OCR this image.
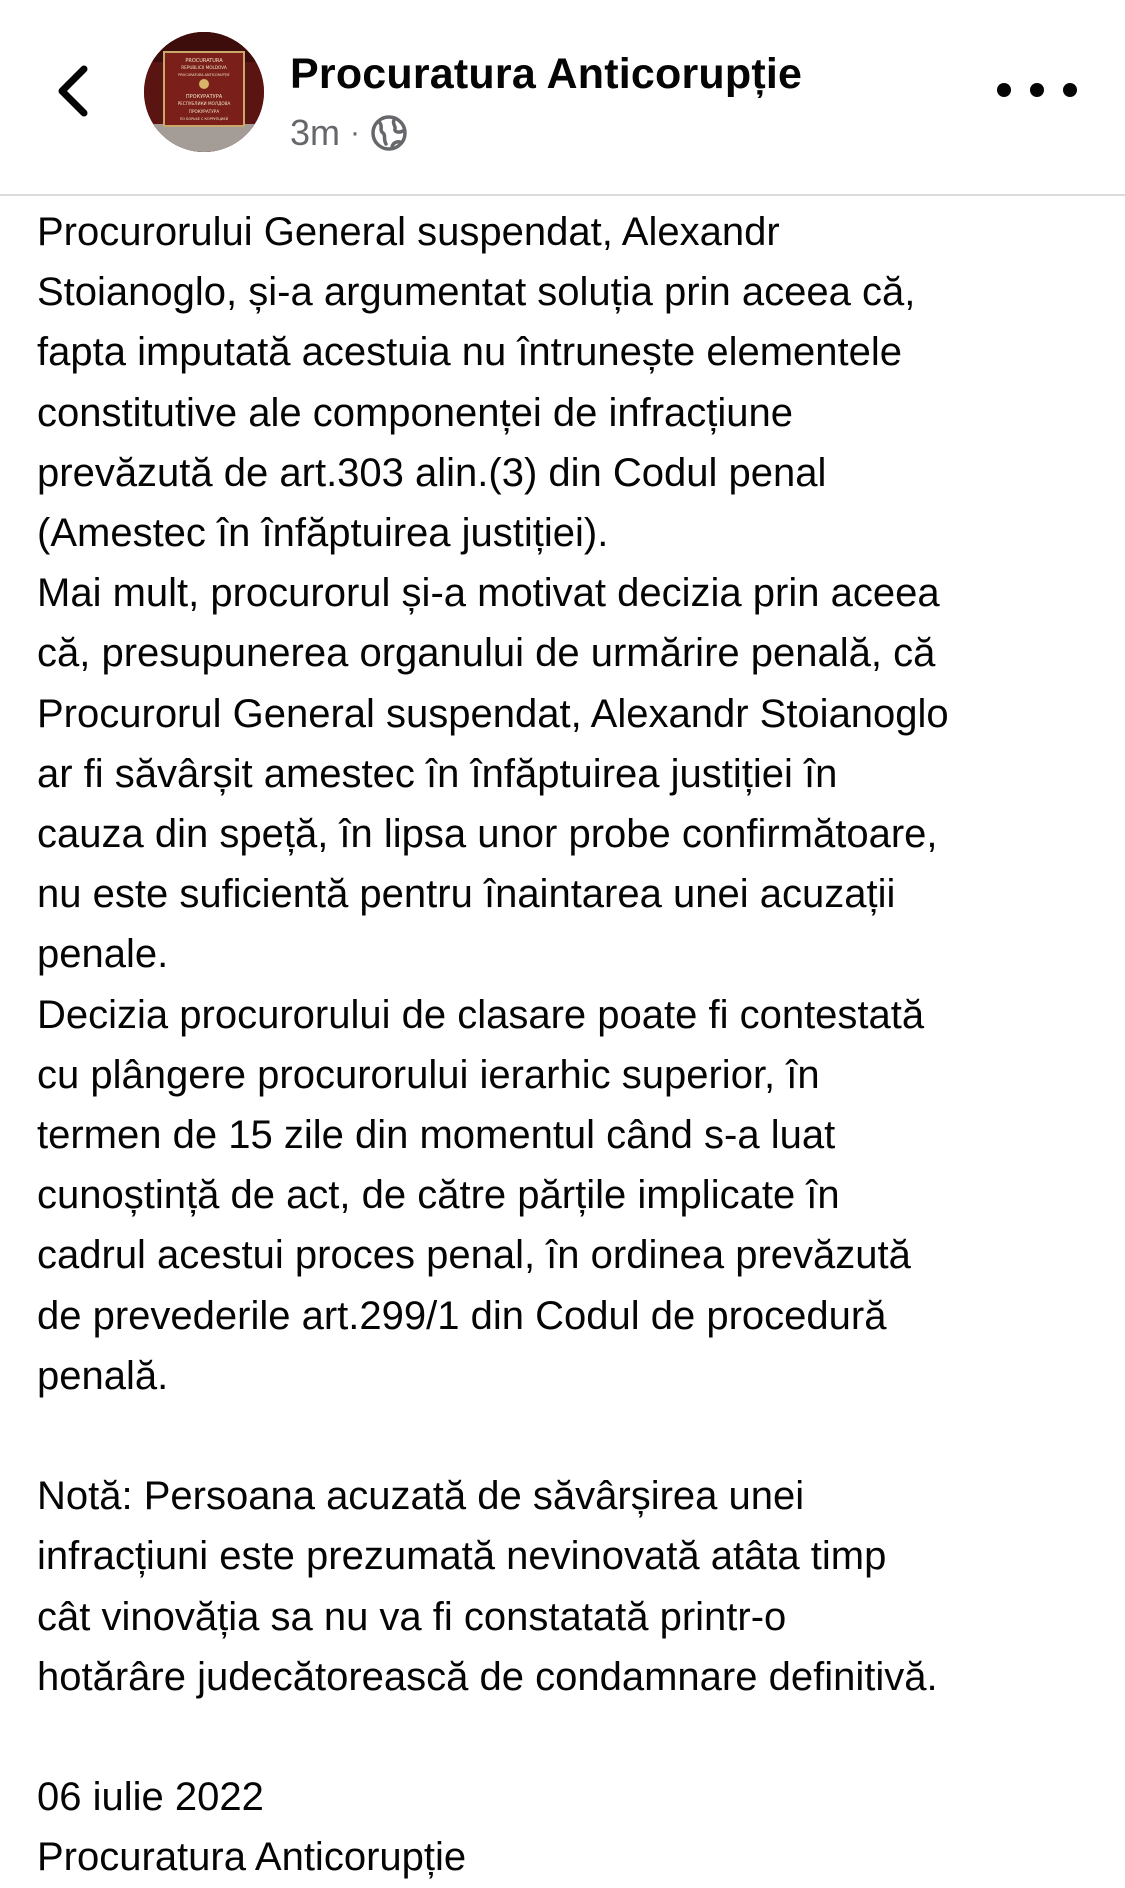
PROCURATURA
REPUBLICII MOLDOVA
PROCURATURA ANTICORUPȚIE
ПРОКУРАТУРА
РЕСПУБЛИКИ МОЛДОВА
ПРОКУРАТУРА
ПО БОРЬБЕ С КОРРУПЦИЕЙ
Procuratura Anticorupție
3m ·

Procurorului General suspendat, Alexandr

Stoianoglo, și-a argumentat soluția prin aceea că,

fapta imputată acestuia nu întrunește elementele

constitutive ale componenței de infracțiune

prevăzută de art.303 alin.(3) din Codul penal

(Amestec în înfăptuirea justiției).

Mai mult, procurorul și-a motivat decizia prin aceea

că, presupunerea organului de urmărire penală, că

Procurorul General suspendat, Alexandr Stoianoglo

ar fi săvârșit amestec în înfăptuirea justiției în

cauza din speță, în lipsa unor probe confirmătoare,

nu este suficientă pentru înaintarea unei acuzații

penale.

Decizia procurorului de clasare poate fi contestată

cu plângere procurorului ierarhic superior, în

termen de 15 zile din momentul când s-a luat

cunoștință de act, de către părțile implicate în

cadrul acestui proces penal, în ordinea prevăzută

de prevederile art.299/1 din Codul de procedură

penală.

Notă: Persoana acuzată de săvârșirea unei

infracțiuni este prezumată nevinovată atâta timp

cât vinovăția sa nu va fi constatată printr-o

hotărâre judecătorească de condamnare definitivă.

06 iulie 2022

Procuratura Anticorupție
